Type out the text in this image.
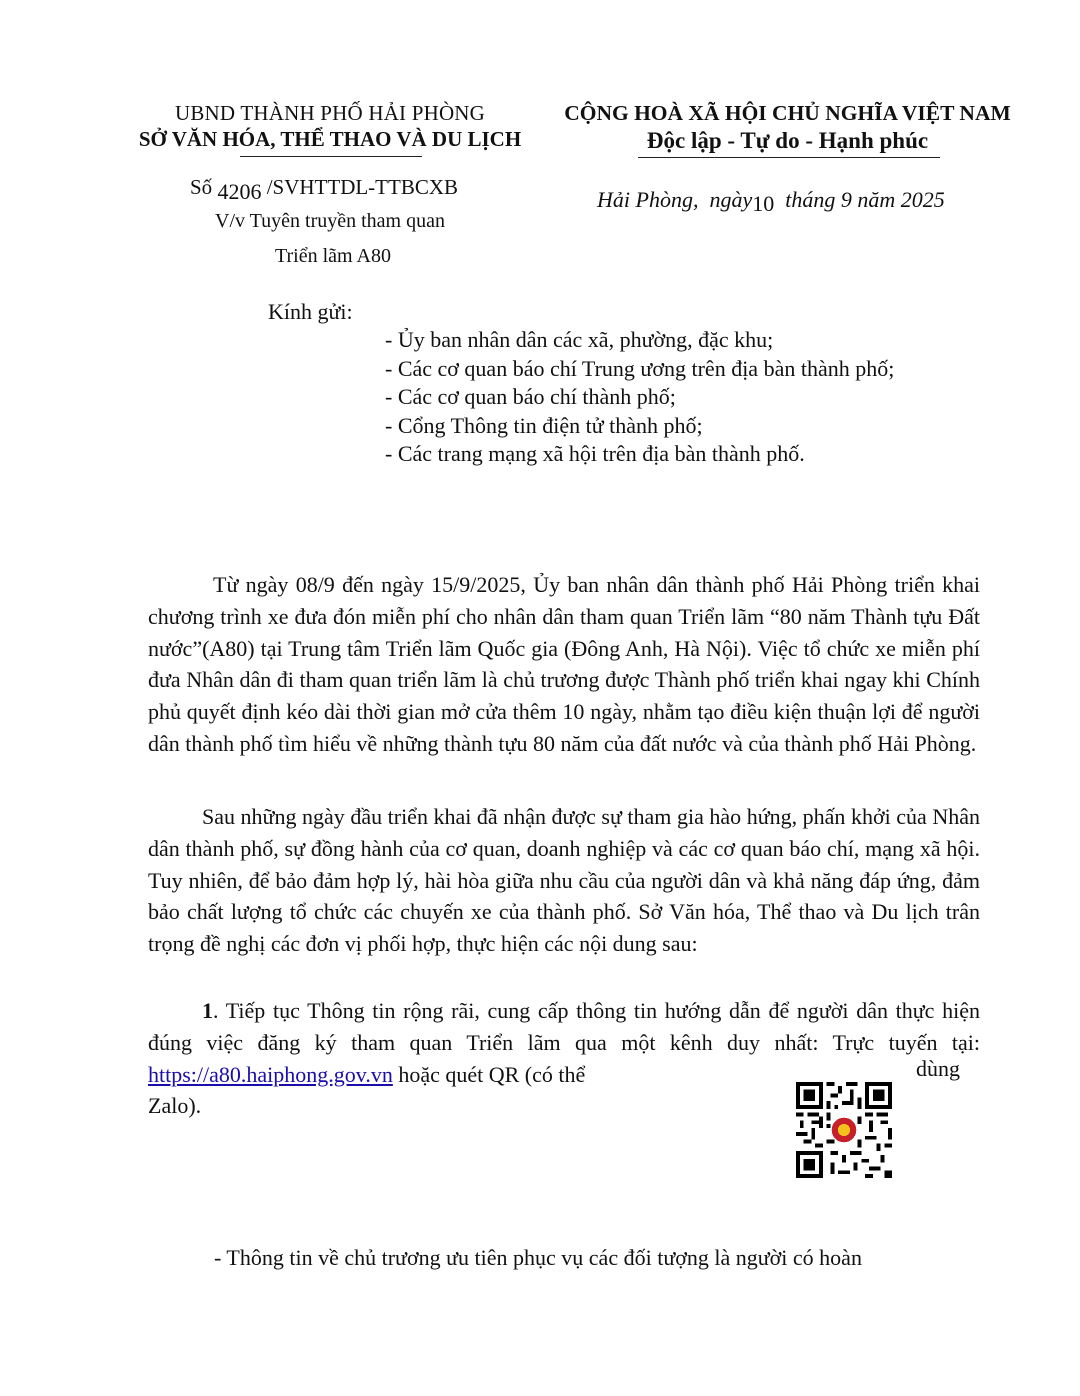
UBND THÀNH PHỐ HẢI PHÒNG
SỞ VĂN HÓA, THỂ THAO VÀ DU LỊCH
CỘNG HOÀ XÃ HỘI CHỦ NGHĨA VIỆT NAM
Độc lập - Tự do - Hạnh phúc
Số 4206 /SVHTTDL-TTBCXB
V/v Tuyên truyền tham quan
Triển lãm A80
Hải Phòng, ngày10 tháng 9 năm 2025
Kính gửi:
- Ủy ban nhân dân các xã, phường, đặc khu;
- Các cơ quan báo chí Trung ương trên địa bàn thành phố;
- Các cơ quan báo chí thành phố;
- Cổng Thông tin điện tử thành phố;
- Các trang mạng xã hội trên địa bàn thành phố.

Từ ngày 08/9 đến ngày 15/9/2025, Ủy ban nhân dân thành phố Hải Phòng triển khai chương trình xe đưa đón miễn phí cho nhân dân tham quan Triển lãm “80 năm Thành tựu Đất nước”(A80) tại Trung tâm Triển lãm Quốc gia (Đông Anh, Hà Nội). Việc tổ chức xe miễn phí đưa Nhân dân đi tham quan triển lãm là chủ trương được Thành phố triển khai ngay khi Chính phủ quyết định kéo dài thời gian mở cửa thêm 10 ngày, nhằm tạo điều kiện thuận lợi để người dân thành phố tìm hiểu về những thành tựu 80 năm của đất nước và của thành phố Hải Phòng.

Sau những ngày đầu triển khai đã nhận được sự tham gia hào hứng, phấn khởi của Nhân dân thành phố, sự đồng hành của cơ quan, doanh nghiệp và các cơ quan báo chí, mạng xã hội. Tuy nhiên, để bảo đảm hợp lý, hài hòa giữa nhu cầu của người dân và khả năng đáp ứng, đảm bảo chất lượng tổ chức các chuyến xe của thành phố. Sở Văn hóa, Thể thao và Du lịch trân trọng đề nghị các đơn vị phối hợp, thực hiện các nội dung sau:

1. Tiếp tục Thông tin rộng rãi, cung cấp thông tin hướng dẫn để người dân thực hiện đúng việc đăng ký tham quan Triển lãm qua một kênh duy nhất: Trực tuyến tại: https://a80.haiphong.gov.vn hoặc quét QR (có thể
Zalo).

dùng

- Thông tin về chủ trương ưu tiên phục vụ các đối tượng là người có hoàn
